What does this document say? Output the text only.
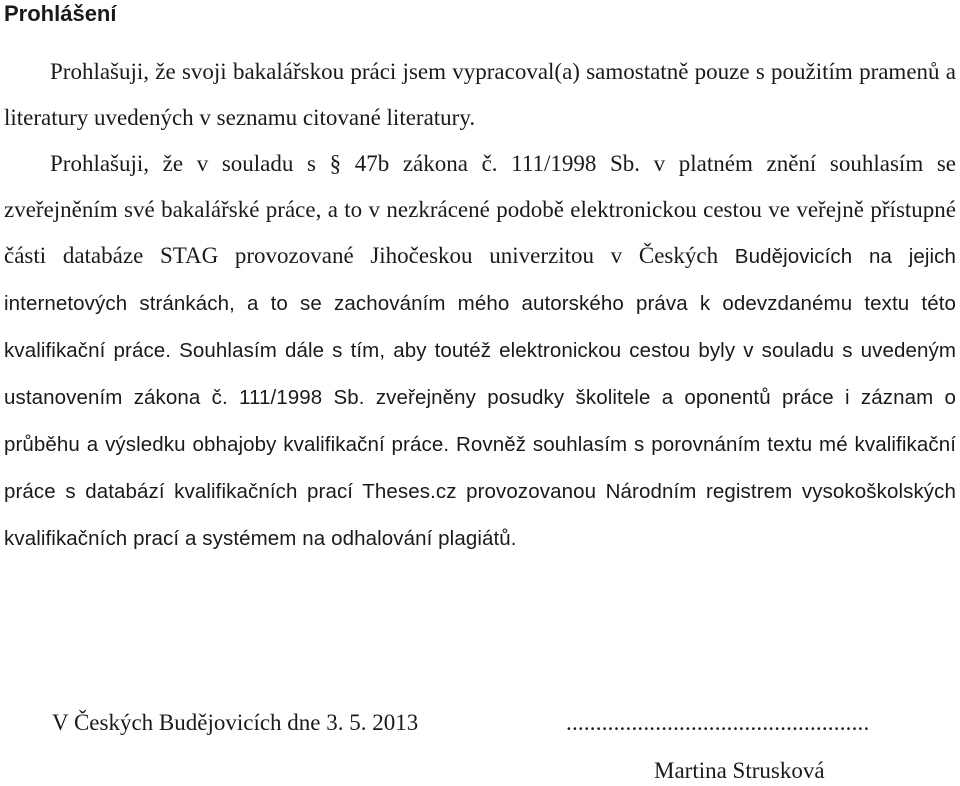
Prohlášení

Prohlašuji, že svoji bakalářskou práci jsem vypracoval(a) samostatně pouze s použitím pramenů a literatury uvedených v seznamu citované literatury.

Prohlašuji, že v souladu s § 47b zákona č. 111/1998 Sb. v platném znění souhlasím se zveřejněním své bakalářské práce, a to v nezkrácené podobě elektronickou cestou ve veřejně přístupné části databáze STAG provozované Jihočeskou univerzitou v Českých Budějovicích na jejich internetových stránkách, a to se zachováním mého autorského práva k odevzdanému textu této kvalifikační práce. Souhlasím dále s tím, aby toutéž elektronickou cestou byly v souladu s uvedeným ustanovením zákona č. 111/1998 Sb. zveřejněny posudky školitele a oponentů práce i záznam o průběhu a výsledku obhajoby kvalifikační práce. Rovněž souhlasím s porovnáním textu mé kvalifikační práce s databází kvalifikačních prací Theses.cz provozovanou Národním registrem vysokoškolských kvalifikačních prací a systémem na odhalování plagiátů.

V Českých Budějovicích dne 3. 5. 2013	...................................................

Martina Strusková
